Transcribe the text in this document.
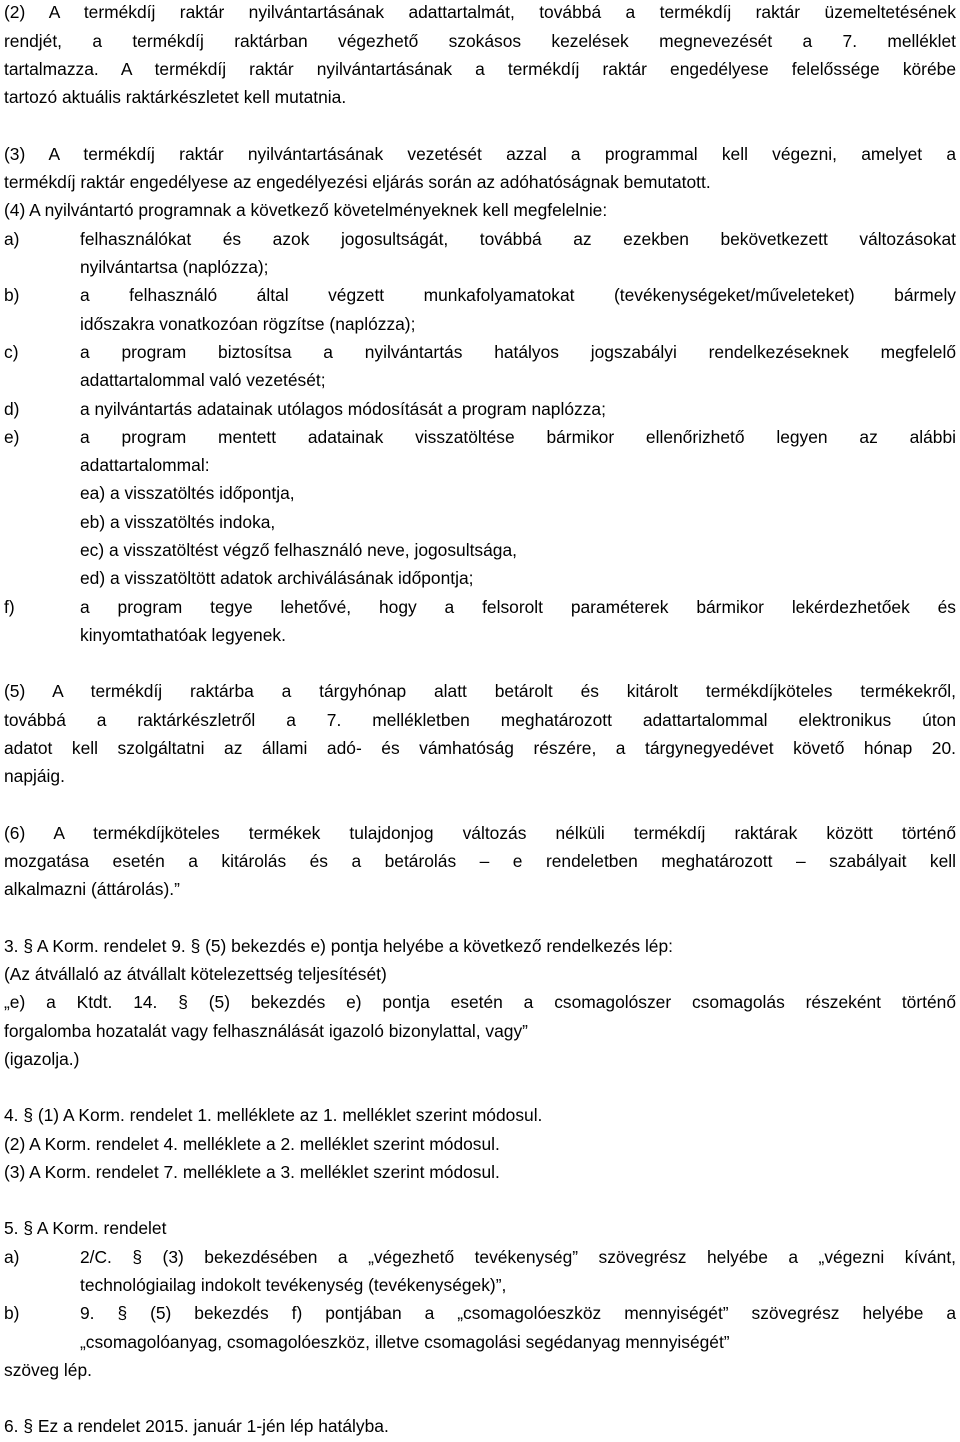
(2) A termékdíj raktár nyilvántartásának adattartalmát, továbbá a termékdíj raktár üzemeltetésének
rendjét, a termékdíj raktárban végezhető szokásos kezelések megnevezését a 7. melléklet
tartalmazza. A termékdíj raktár nyilvántartásának a termékdíj raktár engedélyese felelőssége körébe
tartozó aktuális raktárkészletet kell mutatnia.
(3) A termékdíj raktár nyilvántartásának vezetését azzal a programmal kell végezni, amelyet a
termékdíj raktár engedélyese az engedélyezési eljárás során az adóhatóságnak bemutatott.
(4) A nyilvántartó programnak a következő követelményeknek kell megfelelnie:
a)	felhasználókat és azok jogosultságát, továbbá az ezekben bekövetkezett változásokat
nyilvántartsa (naplózza);
b)	a felhasználó által végzett munkafolyamatokat (tevékenységeket/műveleteket) bármely
időszakra vonatkozóan rögzítse (naplózza);
c)	a program biztosítsa a nyilvántartás hatályos jogszabályi rendelkezéseknek megfelelő
adattartalommal való vezetését;
d)	a nyilvántartás adatainak utólagos módosítását a program naplózza;
e)	a program mentett adatainak visszatöltése bármikor ellenőrizhető legyen az alábbi
adattartalommal:
ea) a visszatöltés időpontja,
eb) a visszatöltés indoka,
ec) a visszatöltést végző felhasználó neve, jogosultsága,
ed) a visszatöltött adatok archiválásának időpontja;
f)	a program tegye lehetővé, hogy a felsorolt paraméterek bármikor lekérdezhetőek és
kinyomtathatóak legyenek.
(5) A termékdíj raktárba a tárgyhónap alatt betárolt és kitárolt termékdíjköteles termékekről,
továbbá a raktárkészletről a 7. mellékletben meghatározott adattartalommal elektronikus úton
adatot kell szolgáltatni az állami adó- és vámhatóság részére, a tárgynegyedévet követő hónap 20.
napjáig.
(6) A termékdíjköteles termékek tulajdonjog változás nélküli termékdíj raktárak között történő
mozgatása esetén a kitárolás és a betárolás – e rendeletben meghatározott – szabályait kell
alkalmazni (áttárolás).”
3. § A Korm. rendelet 9. § (5) bekezdés e) pontja helyébe a következő rendelkezés lép:
(Az átvállaló az átvállalt kötelezettség teljesítését)
„e) a Ktdt. 14. § (5) bekezdés e) pontja esetén a csomagolószer csomagolás részeként történő
forgalomba hozatalát vagy felhasználását igazoló bizonylattal, vagy”
(igazolja.)
4. § (1) A Korm. rendelet 1. melléklete az 1. melléklet szerint módosul.
(2) A Korm. rendelet 4. melléklete a 2. melléklet szerint módosul.
(3) A Korm. rendelet 7. melléklete a 3. melléklet szerint módosul.
5. § A Korm. rendelet
a)	2/C. § (3) bekezdésében a „végezhető tevékenység” szövegrész helyébe a „végezni kívánt,
technológiailag indokolt tevékenység (tevékenységek)”,
b)	9. § (5) bekezdés f) pontjában a „csomagolóeszköz mennyiségét” szövegrész helyébe a
„csomagolóanyag, csomagolóeszköz, illetve csomagolási segédanyag mennyiségét”
szöveg lép.
6. § Ez a rendelet 2015. január 1-jén lép hatályba.
